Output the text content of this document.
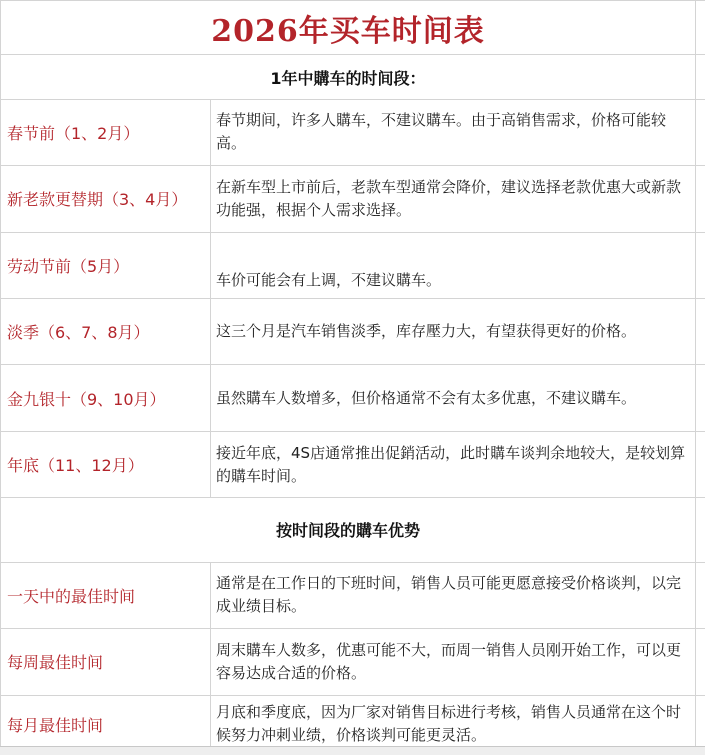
2026年买车时间表		
1年中購车的时间段：		
春节前（1、2月）	春节期间，许多人購车，不建议購车。由于高销售需求，价格可能较高。	
新老款更替期（3、4月）	在新车型上市前后，老款车型通常会降价，建议选择老款优惠大或新款功能强，根据个人需求选择。	
劳动节前（5月）	车价可能会有上调，不建议購车。	
淡季（6、7、8月）	这三个月是汽车销售淡季，库存壓力大，有望获得更好的价格。	
金九银十（9、10月）	虽然購车人数增多，但价格通常不会有太多优惠，不建议購车。	
年底（11、12月）	接近年底，4S店通常推出促銷活动，此时購车谈判余地较大，是较划算的購车时间。	
按时间段的購车优势		
一天中的最佳时间	通常是在工作日的下班时间，销售人员可能更愿意接受价格谈判，以完成业绩目标。	
每周最佳时间	周末購车人数多，优惠可能不大，而周一销售人员刚开始工作，可以更容易达成合适的价格。	
每月最佳时间	月底和季度底，因为厂家对销售目标进行考核，销售人员通常在这个时候努力冲刺业绩，价格谈判可能更灵活。	
